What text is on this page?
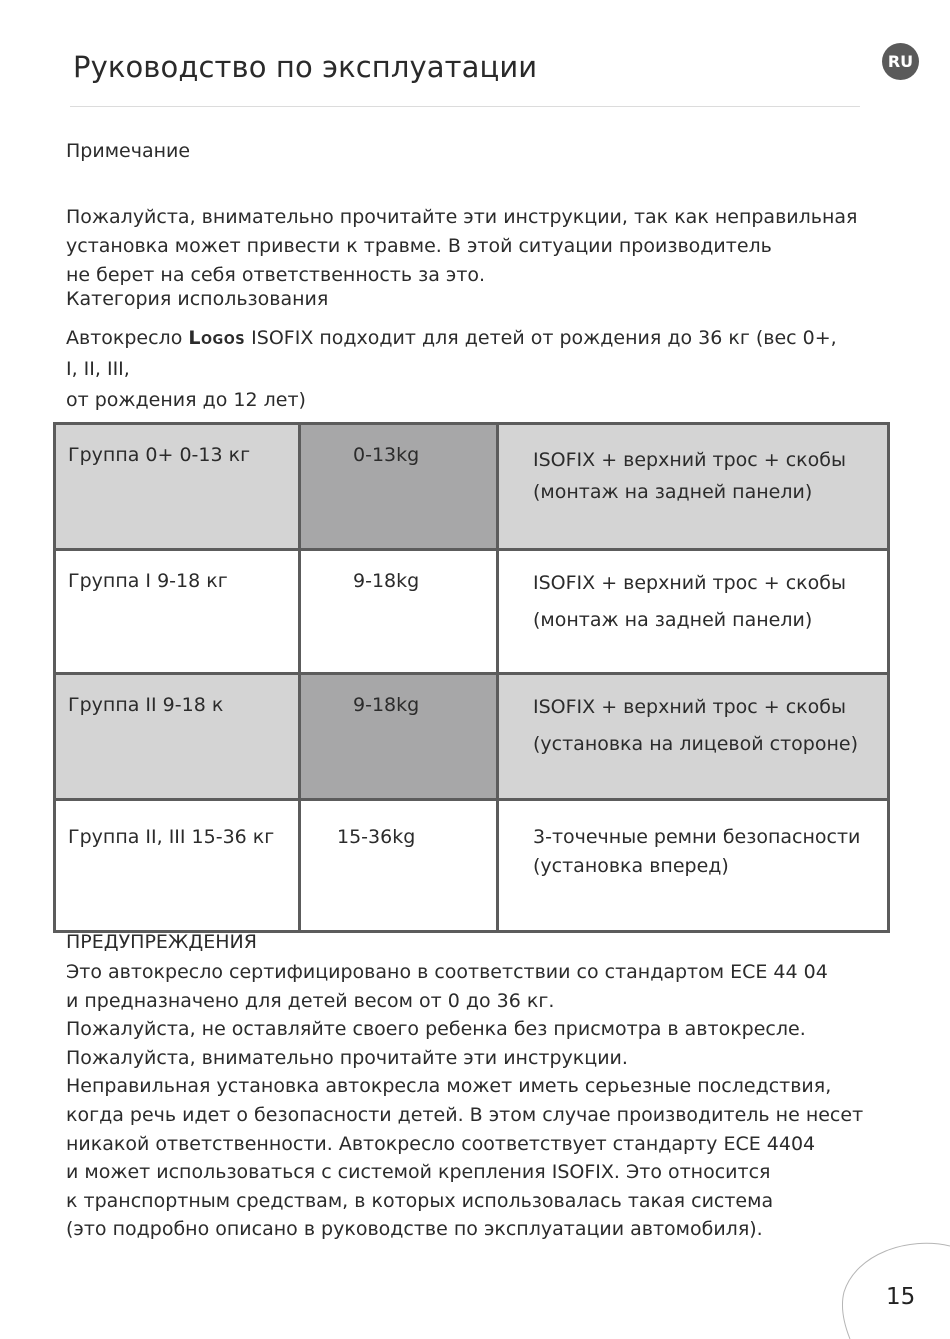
Руководство по эксплуатации	RU
Примечание
Пожалуйста, внимательно прочитайте эти инструкции, так как неправильная
установка может привести к травме. В этой ситуации производитель
не берет на себя ответственность за это.
Категория использования
Автокресло Logos ISOFIX подходит для детей от рождения до 36 кг (вес 0+,
I, II, III,
от рождения до 12 лет)
Группа 0+ 0-13 кг	0-13kg	ISOFIX + верхний трос + скобы
(монтаж на задней панели)

Группа I 9-18 кг	9-18kg	ISOFIX + верхний трос + скобы
(монтаж на задней панели)

Группа II 9-18 к	9-18kg	ISOFIX + верхний трос + скобы
(установка на лицевой стороне)

Группа II, III 15-36 кг	15-36kg	3-точечные ремни безопасности
(установка вперед)
ПРЕДУПРЕЖДЕНИЯ
Это автокресло сертифицировано в соответствии со стандартом ECE 44 04
и предназначено для детей весом от 0 до 36 кг.
Пожалуйста, не оставляйте своего ребенка без присмотра в автокресле.
Пожалуйста, внимательно прочитайте эти инструкции.
Неправильная установка автокресла может иметь серьезные последствия,
когда речь идет о безопасности детей. В этом случае производитель не несет
никакой ответственности. Автокресло соответствует стандарту ECE 4404
и может использоваться с системой крепления ISOFIX. Это относится
к транспортным средствам, в которых использовалась такая система
(это подробно описано в руководстве по эксплуатации автомобиля).
15
